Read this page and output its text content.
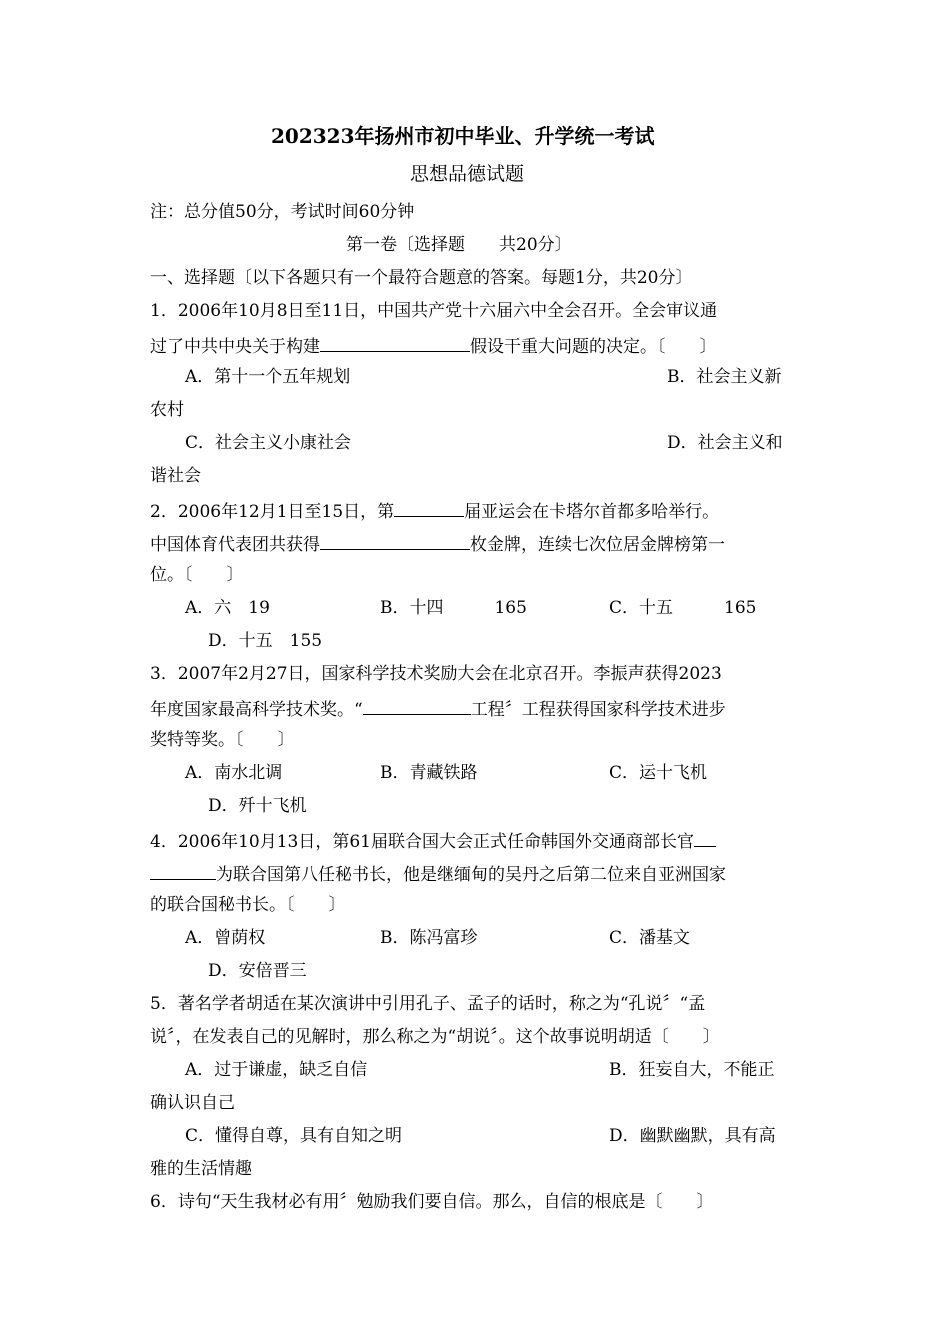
202323年扬州市初中毕业、升学统一考试
思想品德试题
注：总分值50分，考试时间60分钟
第一卷〔选择题　　共20分〕
一、选择题〔以下各题只有一个最符合题意的答案。每题1分，共20分〕
1．2006年10月8日至11日，中国共产党十六届六中全会召开。全会审议通
过了中共中央关于构建	假设干重大问题的决定。〔　　〕
A．第十一个五年规划	B．社会主义新
农村
C．社会主义小康社会	D．社会主义和
谐社会
2．2006年12月1日至15日，第	届亚运会在卡塔尔首都多哈举行。
中国体育代表团共获得	枚金牌，连续七次位居金牌榜第一
位。〔　　〕
A．六　19	B．十四　　　165	C．十五　　　165
D．十五　155
3．2007年2月27日，国家科学技术奖励大会在北京召开。李振声获得2023
年度国家最高科学技术奖。“	工程〞工程获得国家科学技术进步
奖特等奖。〔　　〕
A．南水北调	B．青藏铁路	C．运十飞机
D．歼十飞机
4．2006年10月13日，第61届联合国大会正式任命韩国外交通商部长官
为联合国第八任秘书长，他是继缅甸的吴丹之后第二位来自亚洲国家
的联合国秘书长。〔　　〕
A．曾荫权	B．陈冯富珍	C．潘基文
D．安倍晋三
5．著名学者胡适在某次演讲中引用孔子、孟子的话时，称之为“孔说〞“孟
说〞，在发表自己的见解时，那么称之为“胡说〞。这个故事说明胡适〔　　〕
A．过于谦虚，缺乏自信	B．狂妄自大，不能正
确认识自己
C．懂得自尊，具有自知之明	D．幽默幽默，具有高
雅的生活情趣
6．诗句“天生我材必有用〞勉励我们要自信。那么，自信的根底是〔　　〕
